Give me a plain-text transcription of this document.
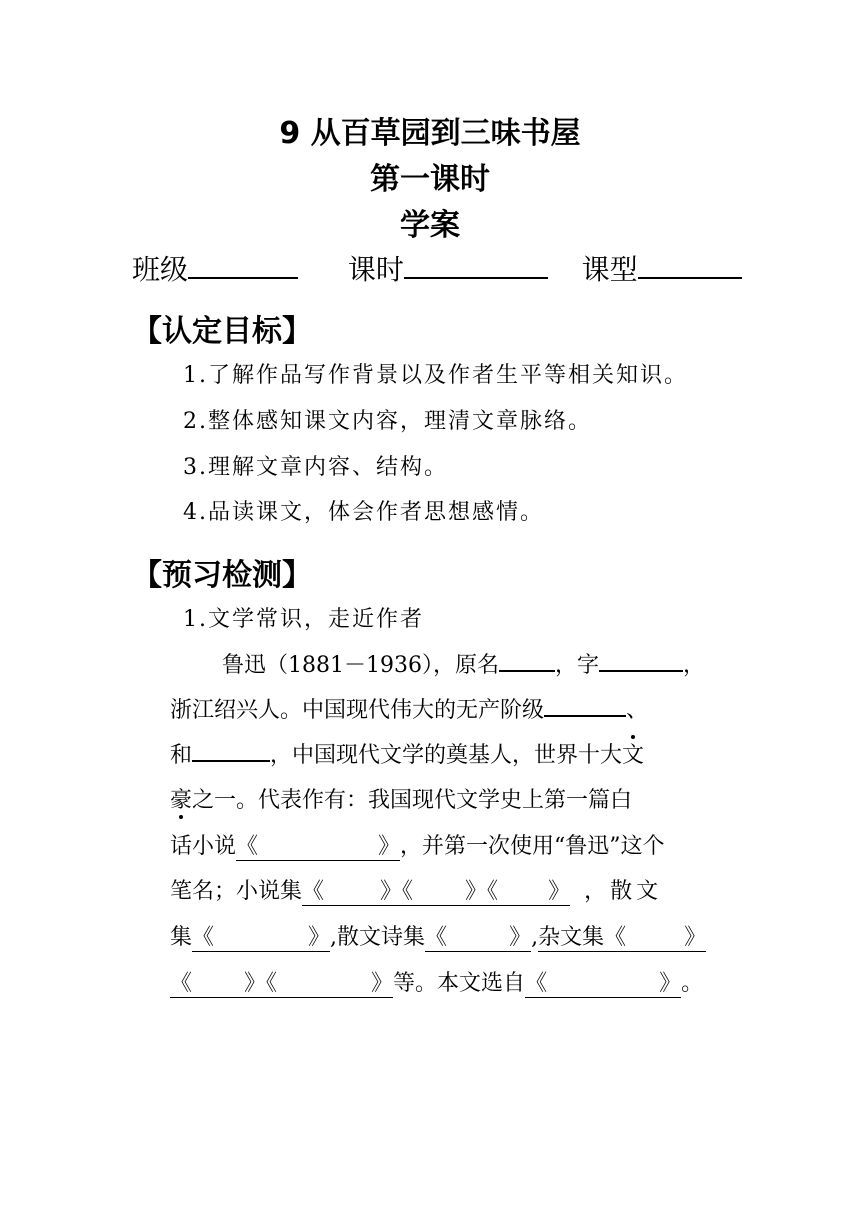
9 从百草园到三味书屋
第一课时
学案
班级	课时	课型
【认定目标】
1.了解作品写作背景以及作者生平等相关知识。
2.整体感知课文内容，理清文章脉络。
3.理解文章内容、结构。
4.品读课文，体会作者思想感情。
【预习检测】
1.文学常识，走近作者
鲁迅（1881－1936），原名	，字	，
浙江绍兴人。中国现代伟大的无产阶级	、
和	，中国现代文学的奠基人，世界十大文
豪之一。代表作有：我国现代文学史上第一篇白
话小说《	》，并第一次使用“鲁迅”这个
笔名；小说集《	》《 》《 》 ，散文
集《	》,散文诗集《	》,杂文集《	》
《 》《	》等。本文选自《	》。
